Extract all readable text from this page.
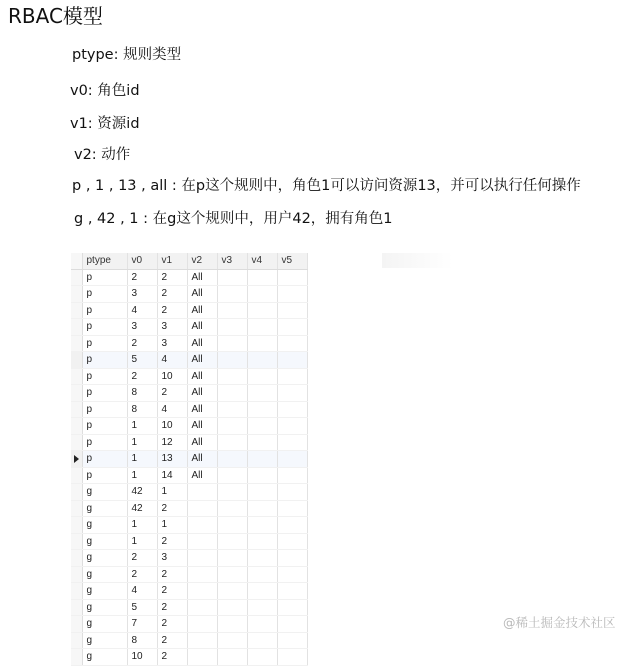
RBAC模型
ptype: 规则类型
v0: 角色id
v1: 资源id
v2: 动作
p , 1 , 13 , all : 在p这个规则中，角色1可以访问资源13，并可以执行任何操作
g , 42 , 1 : 在g这个规则中，用户42，拥有角色1
	ptype	v0	v1	v2	v3	v4	v5
	p	2	2	All			
	p	3	2	All			
	p	4	2	All			
	p	3	3	All			
	p	2	3	All			
	p	5	4	All			
	p	2	10	All			
	p	8	2	All			
	p	8	4	All			
	p	1	10	All			
	p	1	12	All			
	p	1	13	All			
	p	1	14	All			
	g	42	1				
	g	42	2				
	g	1	1				
	g	1	2				
	g	2	3				
	g	2	2				
	g	4	2				
	g	5	2				
	g	7	2				
	g	8	2				
	g	10	2				
@稀土掘金技术社区
